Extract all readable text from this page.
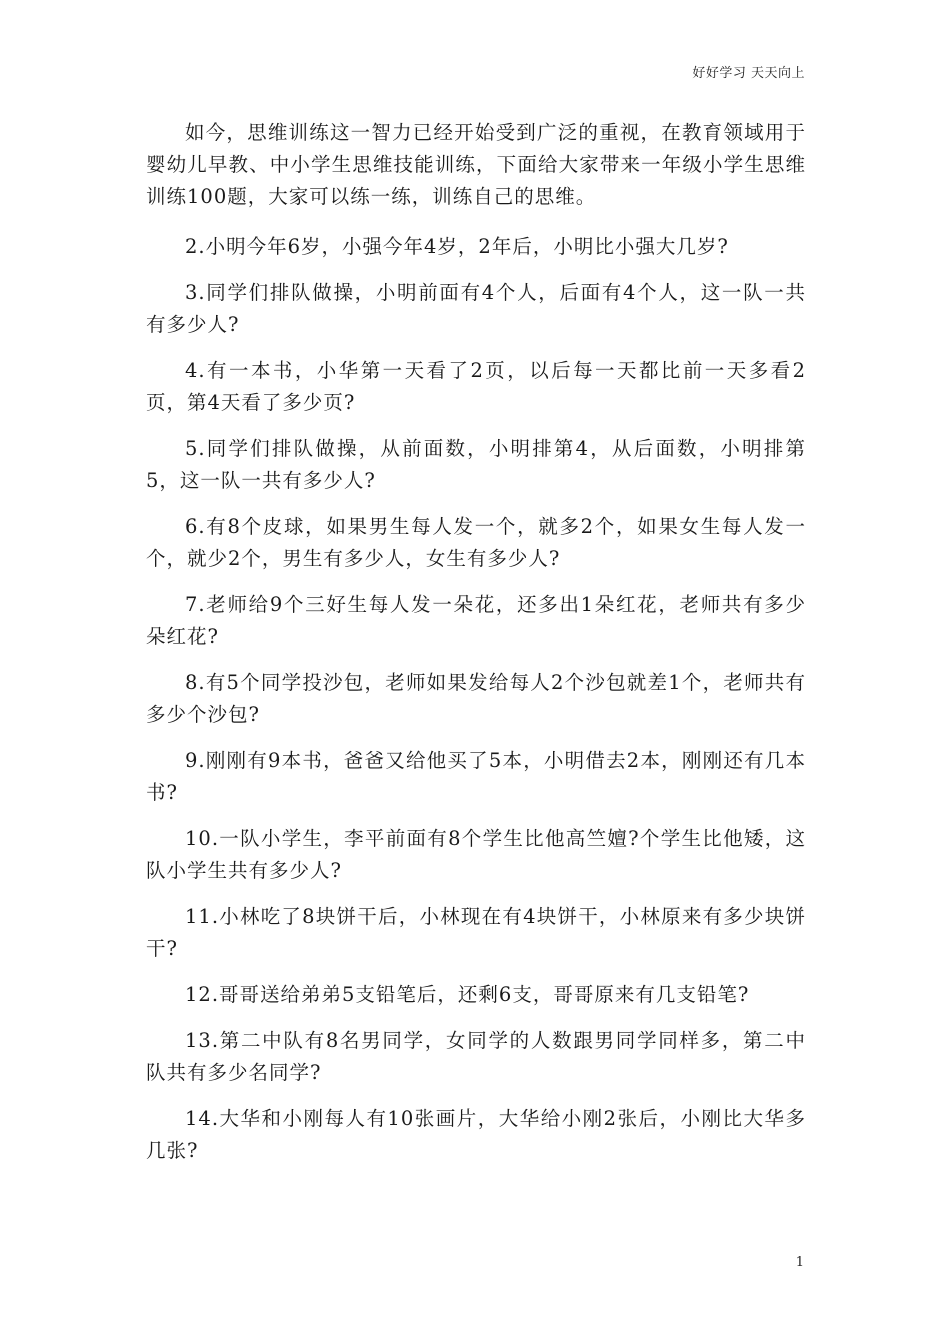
好好学习 天天向上

如今，思维训练这一智力已经开始受到广泛的重视，在教育领域用于婴幼儿早教、中小学生思维技能训练，下面给大家带来一年级小学生思维训练100题，大家可以练一练，训练自己的思维。

2.小明今年6岁，小强今年4岁，2年后，小明比小强大几岁?

3.同学们排队做操，小明前面有4个人，后面有4个人，这一队一共有多少人?

4.有一本书，小华第一天看了2页，以后每一天都比前一天多看2页，第4天看了多少页?

5.同学们排队做操，从前面数，小明排第4，从后面数，小明排第5，这一队一共有多少人?

6.有8个皮球，如果男生每人发一个，就多2个，如果女生每人发一个，就少2个，男生有多少人，女生有多少人?

7.老师给9个三好生每人发一朵花，还多出1朵红花，老师共有多少朵红花?

8.有5个同学投沙包，老师如果发给每人2个沙包就差1个，老师共有多少个沙包?

9.刚刚有9本书，爸爸又给他买了5本，小明借去2本，刚刚还有几本书?

10.一队小学生，李平前面有8个学生比他高竺嬗?个学生比他矮，这队小学生共有多少人?

11.小林吃了8块饼干后，小林现在有4块饼干，小林原来有多少块饼干?

12.哥哥送给弟弟5支铅笔后，还剩6支，哥哥原来有几支铅笔?

13.第二中队有8名男同学，女同学的人数跟男同学同样多，第二中队共有多少名同学?

14.大华和小刚每人有10张画片，大华给小刚2张后，小刚比大华多几张?

1
